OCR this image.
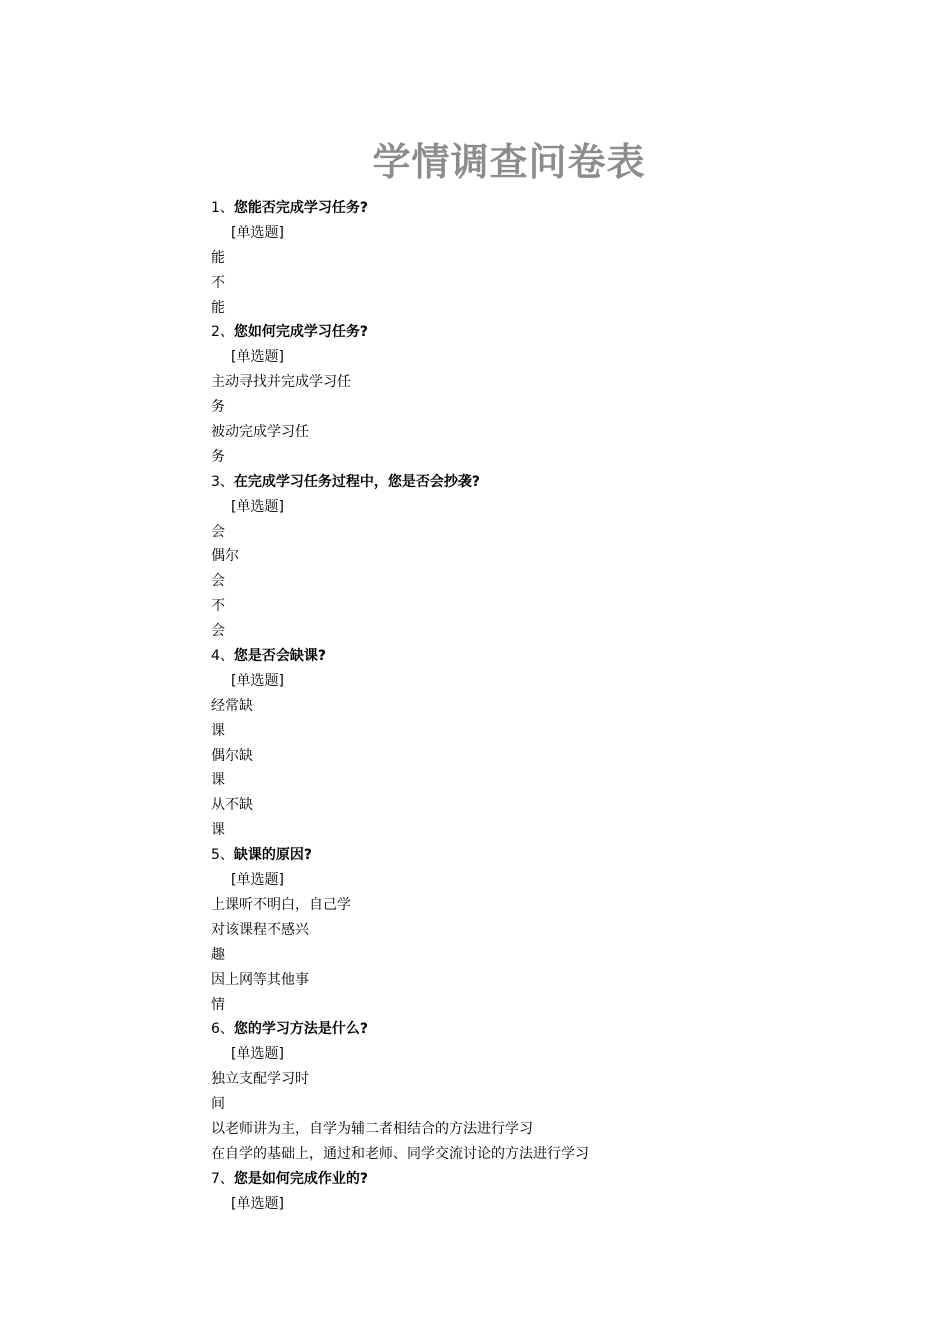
学情调查问卷表
1、您能否完成学习任务?
[单选题]
能
不
能
2、您如何完成学习任务?
[单选题]
主动寻找并完成学习任
务
被动完成学习任
务
3、在完成学习任务过程中，您是否会抄袭?
[单选题]
会
偶尔
会
不
会
4、您是否会缺课?
[单选题]
经常缺
课
偶尔缺
课
从不缺
课
5、缺课的原因?
[单选题]
上课听不明白，自己学
对该课程不感兴
趣
因上网等其他事
情
6、您的学习方法是什么?
[单选题]
独立支配学习时
间
以老师讲为主，自学为辅二者相结合的方法进行学习
在自学的基础上，通过和老师、同学交流讨论的方法进行学习
7、您是如何完成作业的?
[单选题]
